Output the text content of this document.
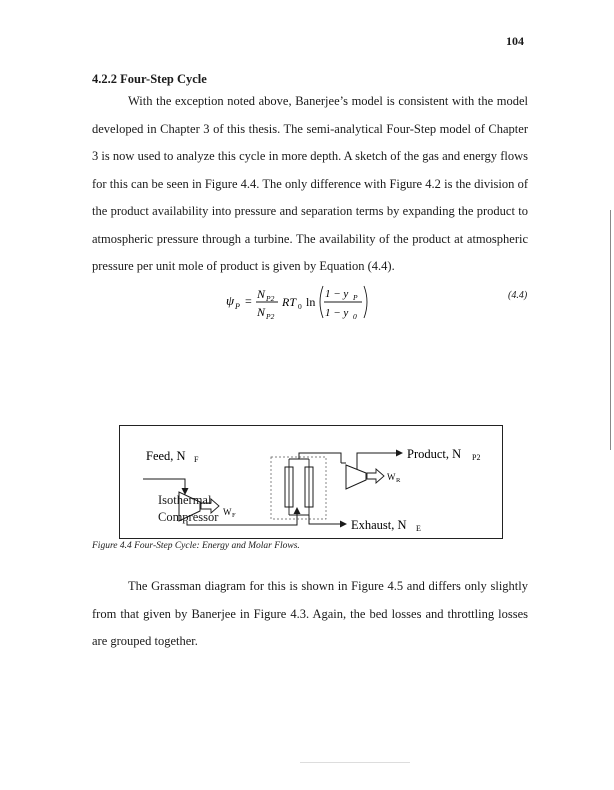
104
4.2.2 Four-Step Cycle

With the exception noted above, Banerjee’s model is consistent with the model developed in Chapter 3 of this thesis. The semi-analytical Four-Step model of Chapter 3 is now used to analyze this cycle in more depth. A sketch of the gas and energy flows for this can be seen in Figure 4.4. The only difference with Figure 4.2 is the division of the product availability into pressure and separation terms by expanding the product to atmospheric pressure through a turbine. The availability of the product at atmospheric pressure per unit mole of product is given by Equation (4.4).

ψ P = N P2
N P2
RT 0 ln
1 − y P
1 − y 0
(4.4)
Feed, N F
W F
Product, N P2
W R
Exhaust, N E
Isothermal
Compressor
Figure 4.4 Four-Step Cycle: Energy and Molar Flows.

The Grassman diagram for this is shown in Figure 4.5 and differs only slightly from that given by Banerjee in Figure 4.3. Again, the bed losses and throttling losses are grouped together.
